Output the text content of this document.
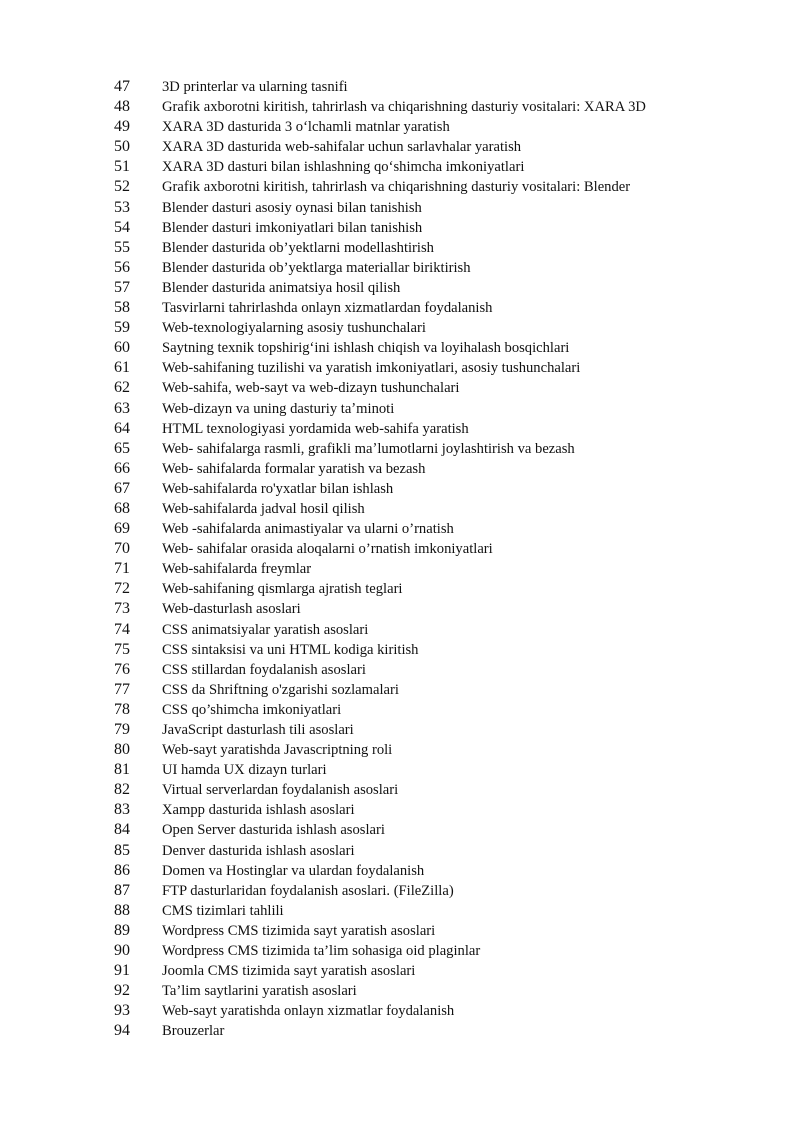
47	3D printerlar va ularning tasnifi
48	Grafik axborotni kiritish, tahrirlash va chiqarishning dasturiy vositalari: XARA 3D
49	XARA 3D dasturida 3 oʻlchamli matnlar yaratish
50	XARA 3D dasturida web-sahifalar uchun sarlavhalar yaratish
51	XARA 3D dasturi bilan ishlashning qoʻshimcha imkoniyatlari
52	Grafik axborotni kiritish, tahrirlash va chiqarishning dasturiy vositalari: Blender
53	Blender dasturi asosiy oynasi bilan tanishish
54	Blender dasturi imkoniyatlari bilan tanishish
55	Blender dasturida ob’yektlarni modellashtirish
56	Blender dasturida ob’yektlarga materiallar biriktirish
57	Blender dasturida animatsiya hosil qilish
58	Tasvirlarni tahrirlashda onlayn xizmatlardan foydalanish
59	Web-texnologiyalarning asosiy tushunchalari
60	Saytning texnik topshirigʻini ishlash chiqish va loyihalash bosqichlari
61	Web-sahifaning tuzilishi va yaratish imkoniyatlari, asosiy tushunchalari
62	Web-sahifa, web-sayt va web-dizayn tushunchalari
63	Web-dizayn va uning dasturiy taʼminoti
64	HTML texnologiyasi yordamida web-sahifa yaratish
65	Web- sahifalarga rasmli, grafikli maʼlumotlarni joylashtirish va bezash
66	Web- sahifalarda formalar yaratish va bezash
67	Web-sahifalarda ro'yxatlar bilan ishlash
68	Web-sahifalarda jadval hosil qilish
69	Web -sahifalarda animastiyalar va ularni o’rnatish
70	Web- sahifalar orasida aloqalarni o’rnatish imkoniyatlari
71	Web-sahifalarda freymlar
72	Web-sahifaning qismlarga ajratish teglari
73	Web-dasturlash asoslari
74	CSS animatsiyalar yaratish asoslari
75	CSS sintaksisi va uni HTML kodiga kiritish
76	CSS stillardan foydalanish asoslari
77	CSS da Shriftning o'zgarishi sozlamalari
78	CSS qo’shimcha imkoniyatlari
79	JavaScript dasturlash tili asoslari
80	Web-sayt yaratishda Javascriptning roli
81	UI hamda UX dizayn turlari
82	Virtual serverlardan foydalanish asoslari
83	Xampp dasturida ishlash asoslari
84	Open Server dasturida ishlash asoslari
85	Denver dasturida ishlash asoslari
86	Domen va Hostinglar va ulardan foydalanish
87	FTP dasturlaridan foydalanish asoslari. (FileZilla)
88	CMS tizimlari tahlili
89	Wordpress CMS tizimida sayt yaratish asoslari
90	Wordpress CMS tizimida ta’lim sohasiga oid plaginlar
91	Joomla CMS tizimida sayt yaratish asoslari
92	Ta’lim saytlarini yaratish asoslari
93	Web-sayt yaratishda onlayn xizmatlar foydalanish
94	Brouzerlar
